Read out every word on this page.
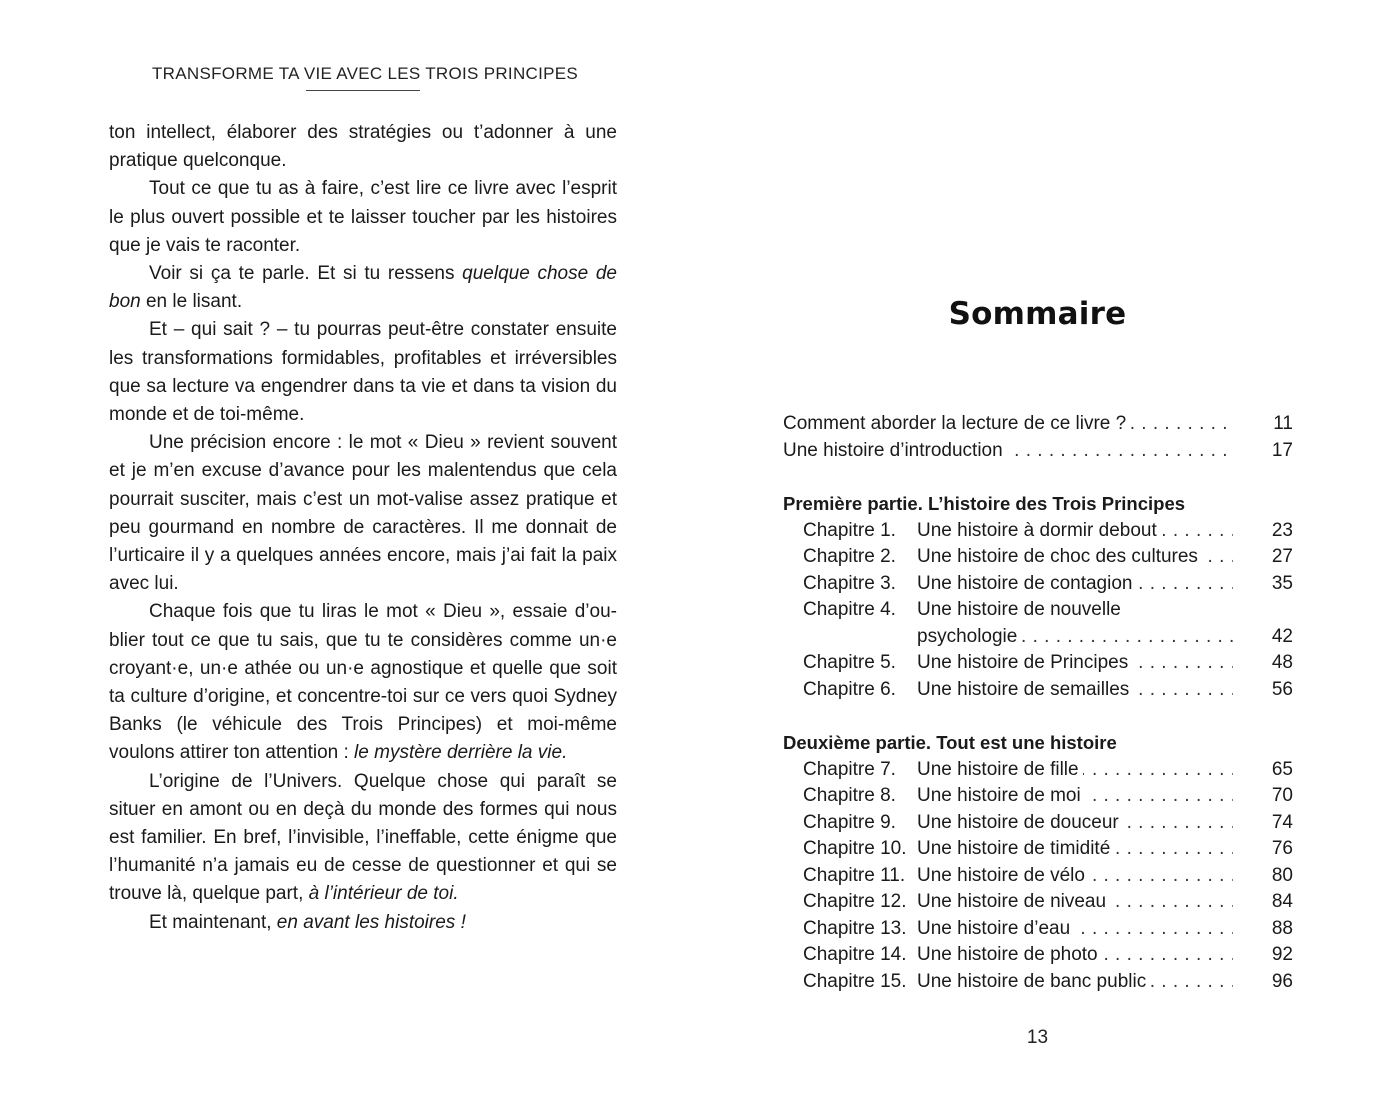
TRANSFORME TA VIE AVEC LES TROIS PRINCIPES

ton intellect, élaborer des stratégies ou t’adonner à une pratique quelconque.

Tout ce que tu as à faire, c’est lire ce livre avec l’esprit le plus ouvert possible et te laisser toucher par les histoires que je vais te raconter.

Voir si ça te parle. Et si tu ressens quelque chose de bon en le lisant.

Et – qui sait ? – tu pourras peut-être constater ensuite les transformations formidables, profitables et irréversibles que sa lecture va engendrer dans ta vie et dans ta vision du monde et de toi-même.

Une précision encore : le mot « Dieu » revient souvent et je m’en excuse d’avance pour les malentendus que cela pourrait susciter, mais c’est un mot-valise assez pratique et peu gourmand en nombre de caractères. Il me donnait de l’urticaire il y a quelques années encore, mais j’ai fait la paix avec lui.

Chaque fois que tu liras le mot « Dieu », essaie d’oublier tout ce que tu sais, que tu te considères comme un·e croyant·e, un·e athée ou un·e agnostique et quelle que soit ta culture d’origine, et concentre-toi sur ce vers quoi Sydney Banks (le véhicule des Trois Principes) et moi-même voulons attirer ton attention : le mystère derrière la vie.

L’origine de l’Univers. Quelque chose qui paraît se situer en amont ou en deçà du monde des formes qui nous est familier. En bref, l’invisible, l’ineffable, cette énigme que l’humanité n’a jamais eu de cesse de questionner et qui se trouve là, quelque part, à l’intérieur de toi.

Et maintenant, en avant les histoires !

Sommaire
Comment aborder la lecture de ce livre ? . . .	11
Une histoire d’introduction . . .	17
Première partie. L’histoire des Trois Principes
Chapitre 1. Une histoire à dormir debout . . .	23
Chapitre 2. Une histoire de choc des cultures . . .	27
Chapitre 3. Une histoire de contagion . . .	35
Chapitre 4. Une histoire de nouvelle
psychologie . . .	42
Chapitre 5. Une histoire de Principes . . .	48
Chapitre 6. Une histoire de semailles . . .	56
Deuxième partie. Tout est une histoire
Chapitre 7. Une histoire de fille . . .	65
Chapitre 8. Une histoire de moi . . .	70
Chapitre 9. Une histoire de douceur . . .	74
Chapitre 10. Une histoire de timidité . . .	76
Chapitre 11. Une histoire de vélo . . .	80
Chapitre 12. Une histoire de niveau . . .	84
Chapitre 13. Une histoire d’eau . . .	88
Chapitre 14. Une histoire de photo . . .	92
Chapitre 15. Une histoire de banc public . . .	96
13
